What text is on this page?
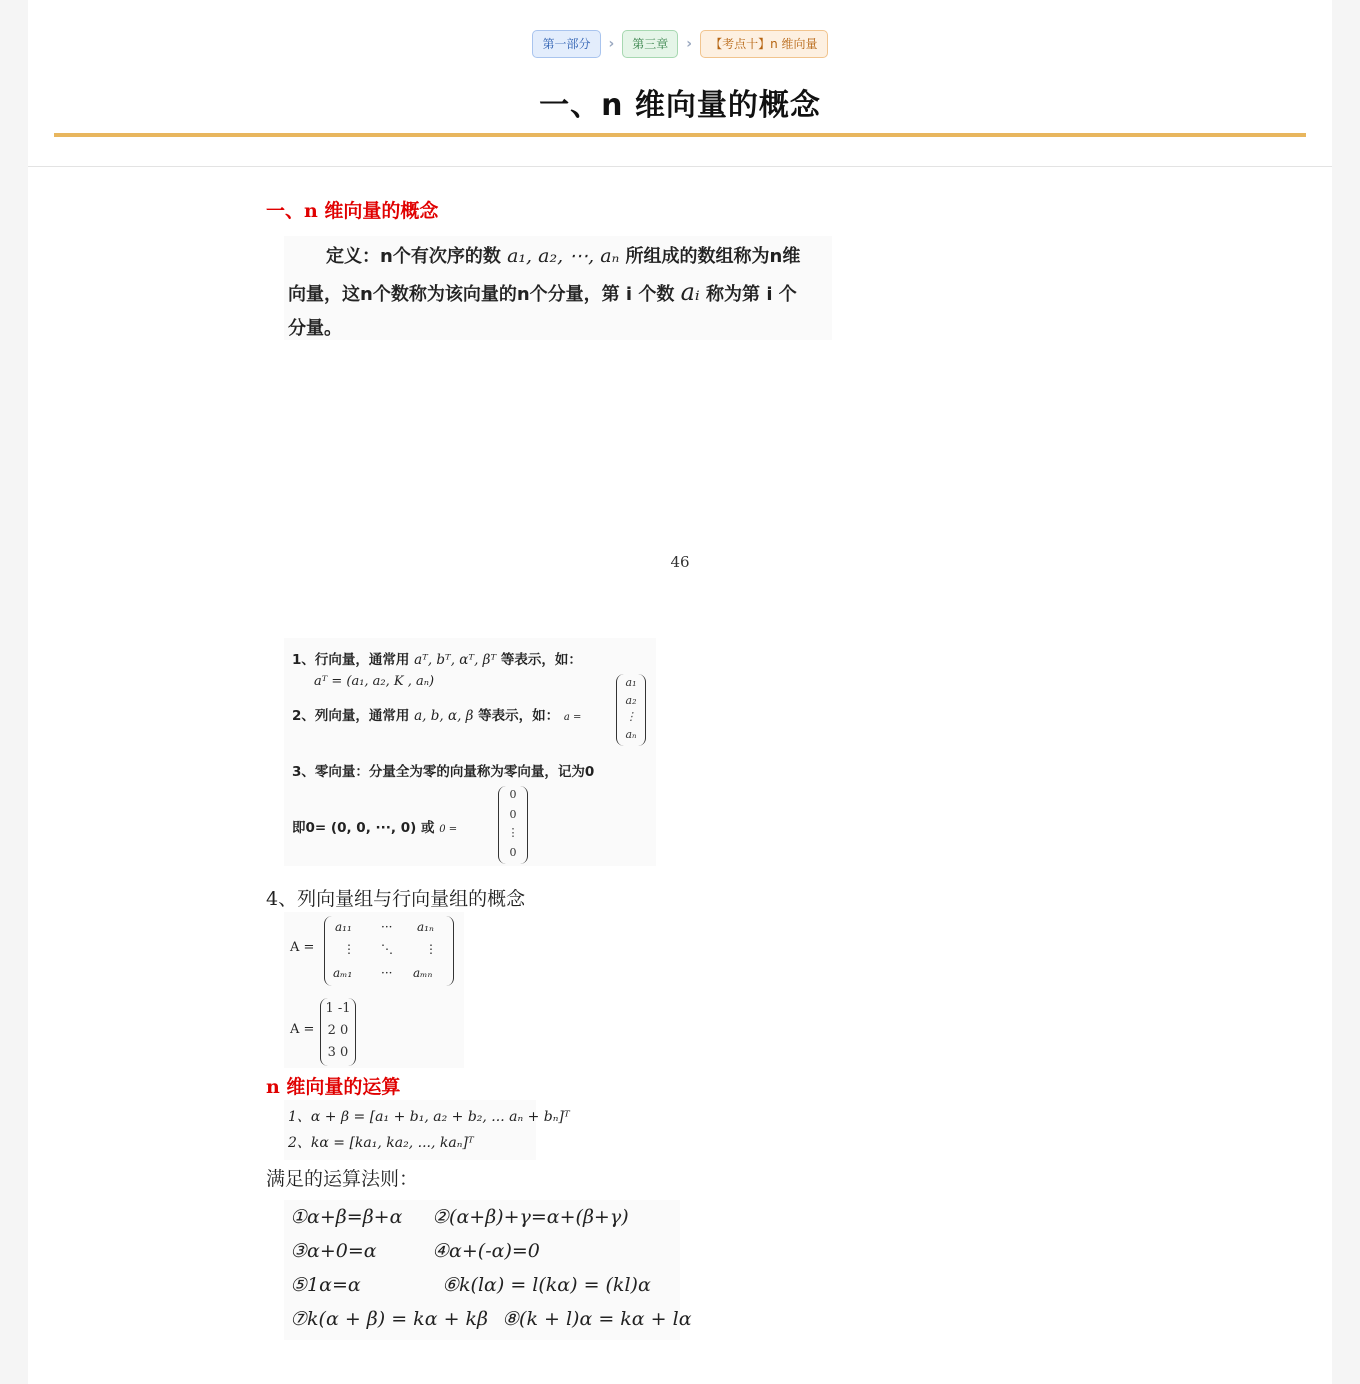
第一部分	›	第三章	›	【考点十】n 维向量
一、n 维向量的概念
一、n 维向量的概念
定义：n个有次序的数 a₁, a₂, ⋯, aₙ 所组成的数组称为n维
向量，这n个数称为该向量的n个分量，第 i 个数 aᵢ 称为第 i 个
分量。
46
1、行向量，通常用 aᵀ, bᵀ, αᵀ, βᵀ 等表示，如：
aᵀ = (a₁, a₂, K , aₙ)
2、列向量，通常用 a, b, α, β 等表示，如： a =
a₁
a₂
⋮
aₙ
3、零向量：分量全为零的向量称为零向量，记为0
即0= (0, 0, ···, 0) 或 0 =
0
0
⋮
0
4、列向量组与行向量组的概念
A =
a₁₁ ··· a₁ₙ
⋮ ⋱	⋮
aₘ₁ ··· aₘₙ
A =
1 -1
2 0
3 0
n 维向量的运算
1、α + β = [a₁ + b₁, a₂ + b₂, ... aₙ + bₙ]ᵀ
2、kα = [ka₁, ka₂, ..., kaₙ]ᵀ
满足的运算法则：
①α+β=β+α ②(α+β)+γ=α+(β+γ)
③α+0=α	④α+(-α)=0
⑤1α=α	⑥k(lα) = l(kα) = (kl)α
⑦k(α + β) = kα + kβ ⑧(k + l)α = kα + lα
